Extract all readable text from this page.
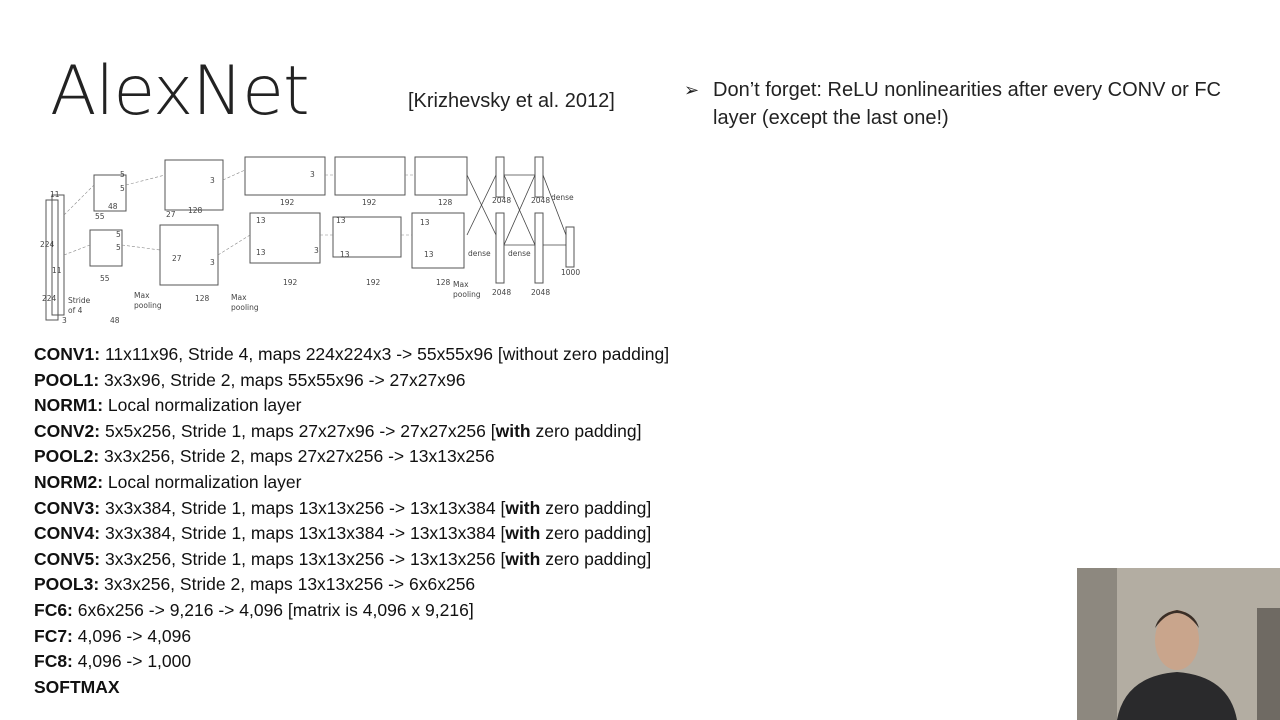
AlexNet	[Krizhevsky et al. 2012]	➢ Don’t forget: ReLU nonlinearities after every CONV or FC layer (except the last one!)
224
224
3
11
11
5
5
55
55
48
48
Stride
of 4
5
5
3
3
27
27
128
128
Max
pooling
Max
pooling
3
3
13
13
192
192
13
13
192
192
13
13
128
128 Max
pooling
2048
2048
2048
2048
dense
dense dense
1000
CONV1: 11x11x96, Stride 4, maps 224x224x3 -> 55x55x96 [without zero padding]
POOL1: 3x3x96, Stride 2, maps 55x55x96 -> 27x27x96
NORM1: Local normalization layer
CONV2: 5x5x256, Stride 1, maps 27x27x96 -> 27x27x256 [with zero padding]
POOL2: 3x3x256, Stride 2, maps 27x27x256 -> 13x13x256
NORM2: Local normalization layer
CONV3: 3x3x384, Stride 1, maps 13x13x256 -> 13x13x384 [with zero padding]
CONV4: 3x3x384, Stride 1, maps 13x13x384 -> 13x13x384 [with zero padding]
CONV5: 3x3x256, Stride 1, maps 13x13x256 -> 13x13x256 [with zero padding]
POOL3: 3x3x256, Stride 2, maps 13x13x256 -> 6x6x256
FC6: 6x6x256 -> 9,216 -> 4,096 [matrix is 4,096 x 9,216]
FC7: 4,096 -> 4,096
FC8: 4,096 -> 1,000
SOFTMAX
